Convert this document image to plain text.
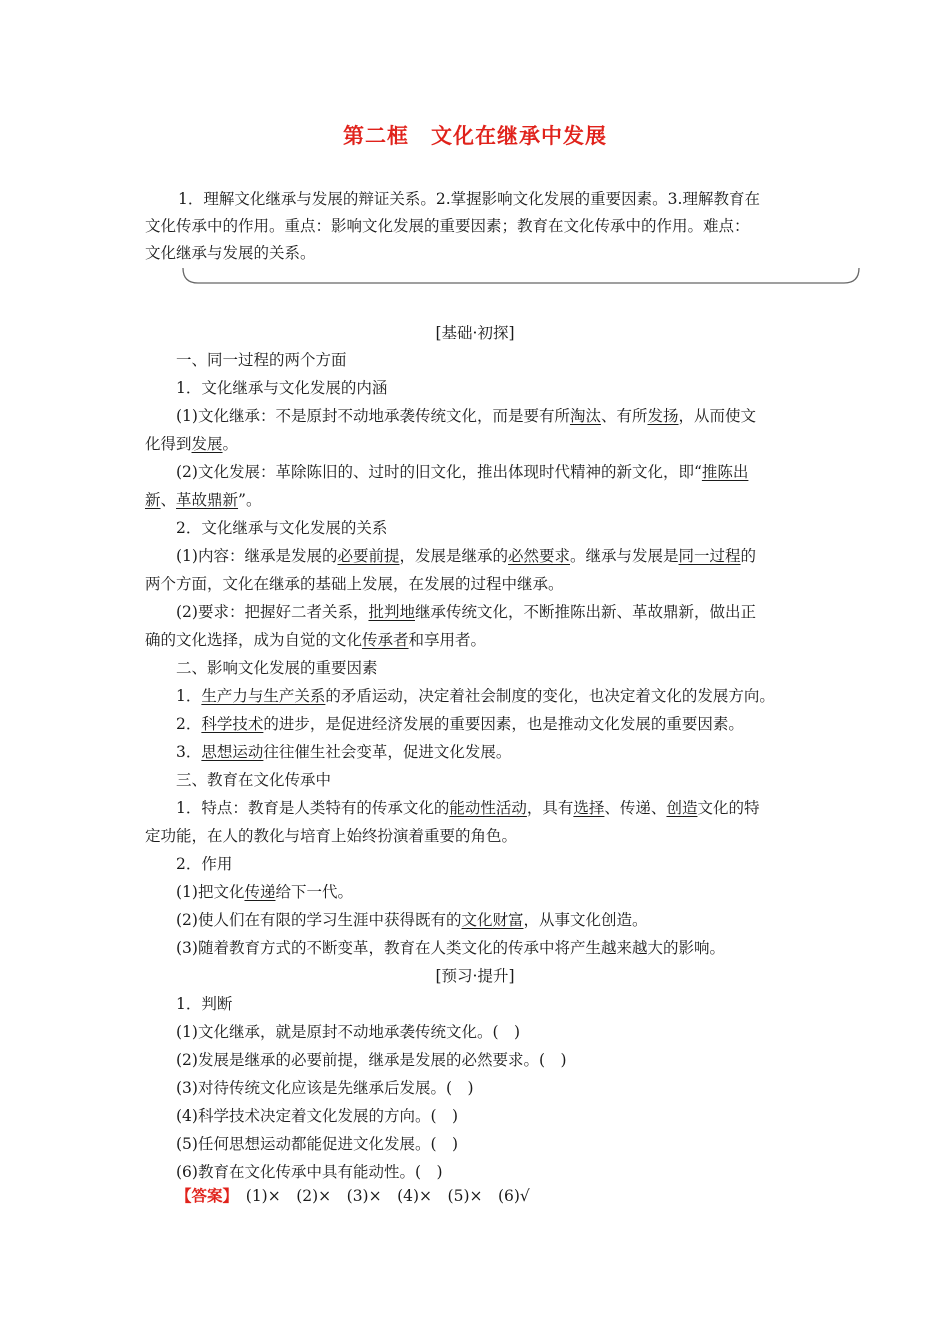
第二框　 文化在继承中发展
1．理解文化继承与发展的辩证关系。2.掌握影响文化发展的重要因素。3.理解教育在
文化传承中的作用。重点：影响文化发展的重要因素；教育在文化传承中的作用。难点：
文化继承与发展的关系。
[基础·初探]
一、同一过程的两个方面
1．文化继承与文化发展的内涵
(1)文化继承：不是原封不动地承袭传统文化，而是要有所淘汰、有所发扬，从而使文
化得到发展。
(2)文化发展：革除陈旧的、过时的旧文化，推出体现时代精神的新文化，即“推陈出
新、革故鼎新”。
2．文化继承与文化发展的关系
(1)内容：继承是发展的必要前提，发展是继承的必然要求。继承与发展是同一过程的
两个方面，文化在继承的基础上发展，在发展的过程中继承。
(2)要求：把握好二者关系，批判地继承传统文化，不断推陈出新、革故鼎新，做出正
确的文化选择，成为自觉的文化传承者和享用者。
二、影响文化发展的重要因素
1．生产力与生产关系的矛盾运动，决定着社会制度的变化，也决定着文化的发展方向。
2．科学技术的进步，是促进经济发展的重要因素，也是推动文化发展的重要因素。
3．思想运动往往催生社会变革，促进文化发展。
三、教育在文化传承中
1．特点：教育是人类特有的传承文化的能动性活动，具有选择、传递、创造文化的特
定功能，在人的教化与培育上始终扮演着重要的角色。
2．作用
(1)把文化传递给下一代。
(2)使人们在有限的学习生涯中获得既有的文化财富，从事文化创造。
(3)随着教育方式的不断变革，教育在人类文化的传承中将产生越来越大的影响。
[预习·提升]
1．判断
(1)文化继承，就是原封不动地承袭传统文化。(　)
(2)发展是继承的必要前提，继承是发展的必然要求。(　)
(3)对待传统文化应该是先继承后发展。(　)
(4)科学技术决定着文化发展的方向。(　)
(5)任何思想运动都能促进文化发展。(　)
(6)教育在文化传承中具有能动性。(　)
【答案】　(1)×　(2)×　(3)×　(4)×　(5)×　(6)√
